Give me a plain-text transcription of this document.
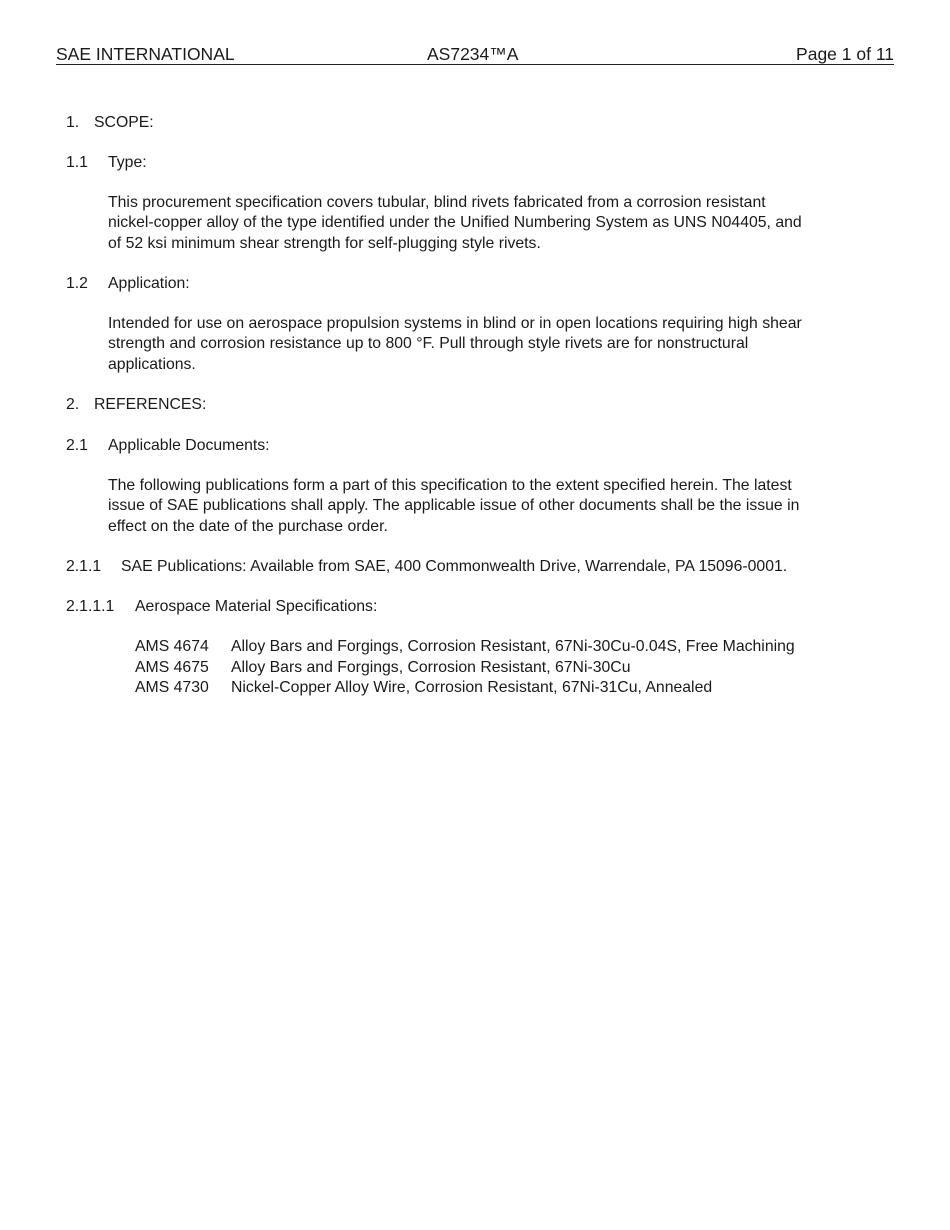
SAE INTERNATIONAL	AS7234™A	Page 1 of 11
1. SCOPE:
1.1 Type:
This procurement specification covers tubular, blind rivets fabricated from a corrosion resistant
nickel-copper alloy of the type identified under the Unified Numbering System as UNS N04405, and
of 52 ksi minimum shear strength for self-plugging style rivets.
1.2 Application:
Intended for use on aerospace propulsion systems in blind or in open locations requiring high shear
strength and corrosion resistance up to 800 °F. Pull through style rivets are for nonstructural
applications.
2. REFERENCES:
2.1 Applicable Documents:
The following publications form a part of this specification to the extent specified herein. The latest
issue of SAE publications shall apply. The applicable issue of other documents shall be the issue in
effect on the date of the purchase order.
2.1.1 SAE Publications: Available from SAE, 400 Commonwealth Drive, Warrendale, PA 15096-0001.
2.1.1.1 Aerospace Material Specifications:
AMS 4674 Alloy Bars and Forgings, Corrosion Resistant, 67Ni-30Cu-0.04S, Free Machining
AMS 4675 Alloy Bars and Forgings, Corrosion Resistant, 67Ni-30Cu
AMS 4730 Nickel-Copper Alloy Wire, Corrosion Resistant, 67Ni-31Cu, Annealed
